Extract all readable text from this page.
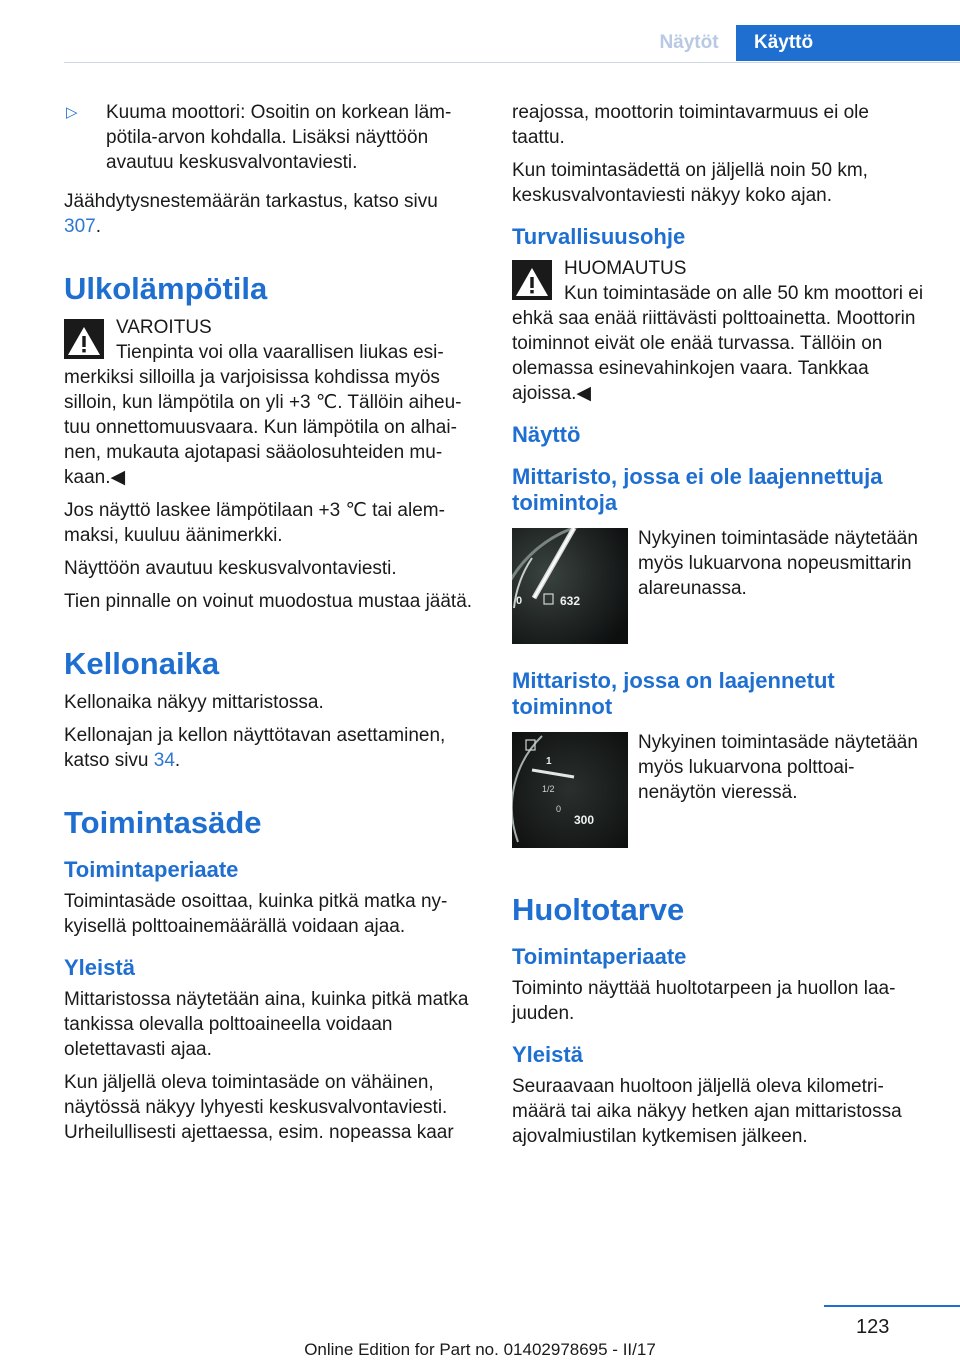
Näytöt	Käyttö
▷	Kuuma moottori: Osoitin on korkean lämpötila-arvon kohdalla. Lisäksi näyttöön avautuu keskusvalvontaviesti.

Jäähdytysnestemäärän tarkastus, katso sivu 307.

Ulkolämpötila
VAROITUS
Tienpinta voi olla vaarallisen liukas esimerkiksi silloilla ja varjoisissa kohdissa myös silloin, kun lämpötila on yli +3 ℃. Tällöin aiheutuu onnettomuusvaara. Kun lämpötila on alhainen, mukauta ajotapasi sääolosuhteiden mukaan.◀

Jos näyttö laskee lämpötilaan +3 ℃ tai alemmaksi, kuuluu äänimerkki.

Näyttöön avautuu keskusvalvontaviesti.

Tien pinnalle on voinut muodostua mustaa jäätä.

Kellonaika

Kellonaika näkyy mittaristossa.

Kellonajan ja kellon näyttötavan asettaminen, katso sivu 34.

Toimintasäde
Toimintaperiaate

Toimintasäde osoittaa, kuinka pitkä matka nykyisellä polttoainemäärällä voidaan ajaa.

Yleistä

Mittaristossa näytetään aina, kuinka pitkä matka tankissa olevalla polttoaineella voidaan oletettavasti ajaa.

Kun jäljellä oleva toimintasäde on vähäinen, näytössä näkyy lyhyesti keskusvalvontaviesti. Urheilullisesti ajettaessa, esim. nopeassa kaar

reajossa, moottorin toimintavarmuus ei ole taattu.

Kun toimintasädettä on jäljellä noin 50 km, keskusvalvontaviesti näkyy koko ajan.

Turvallisuusohje
HUOMAUTUS
Kun toimintasäde on alle 50 km moottori ei ehkä saa enää riittävästi polttoainetta. Moottorin toiminnot eivät ole enää turvassa. Tällöin on olemassa esinevahinkojen vaara. Tankkaa ajoissa.◀
Näyttö
Mittaristo, jossa ei ole laajennettuja toimintoja
0	632
Nykyinen toimintasäde näytetään myös lukuarvona nopeusmittarin alareunassa.
Mittaristo, jossa on laajennetut toiminnot
1
1/2
0
300
Nykyinen toimintasäde näytetään myös lukuarvona polttoainenäytön vieressä.
Huoltotarve
Toimintaperiaate

Toiminto näyttää huoltotarpeen ja huollon laajuuden.

Yleistä

Seuraavaan huoltoon jäljellä oleva kilometrimäärä tai aika näkyy hetken ajan mittaristossa ajovalmiustilan kytkemisen jälkeen.

123
Online Edition for Part no. 01402978695 - II/17
